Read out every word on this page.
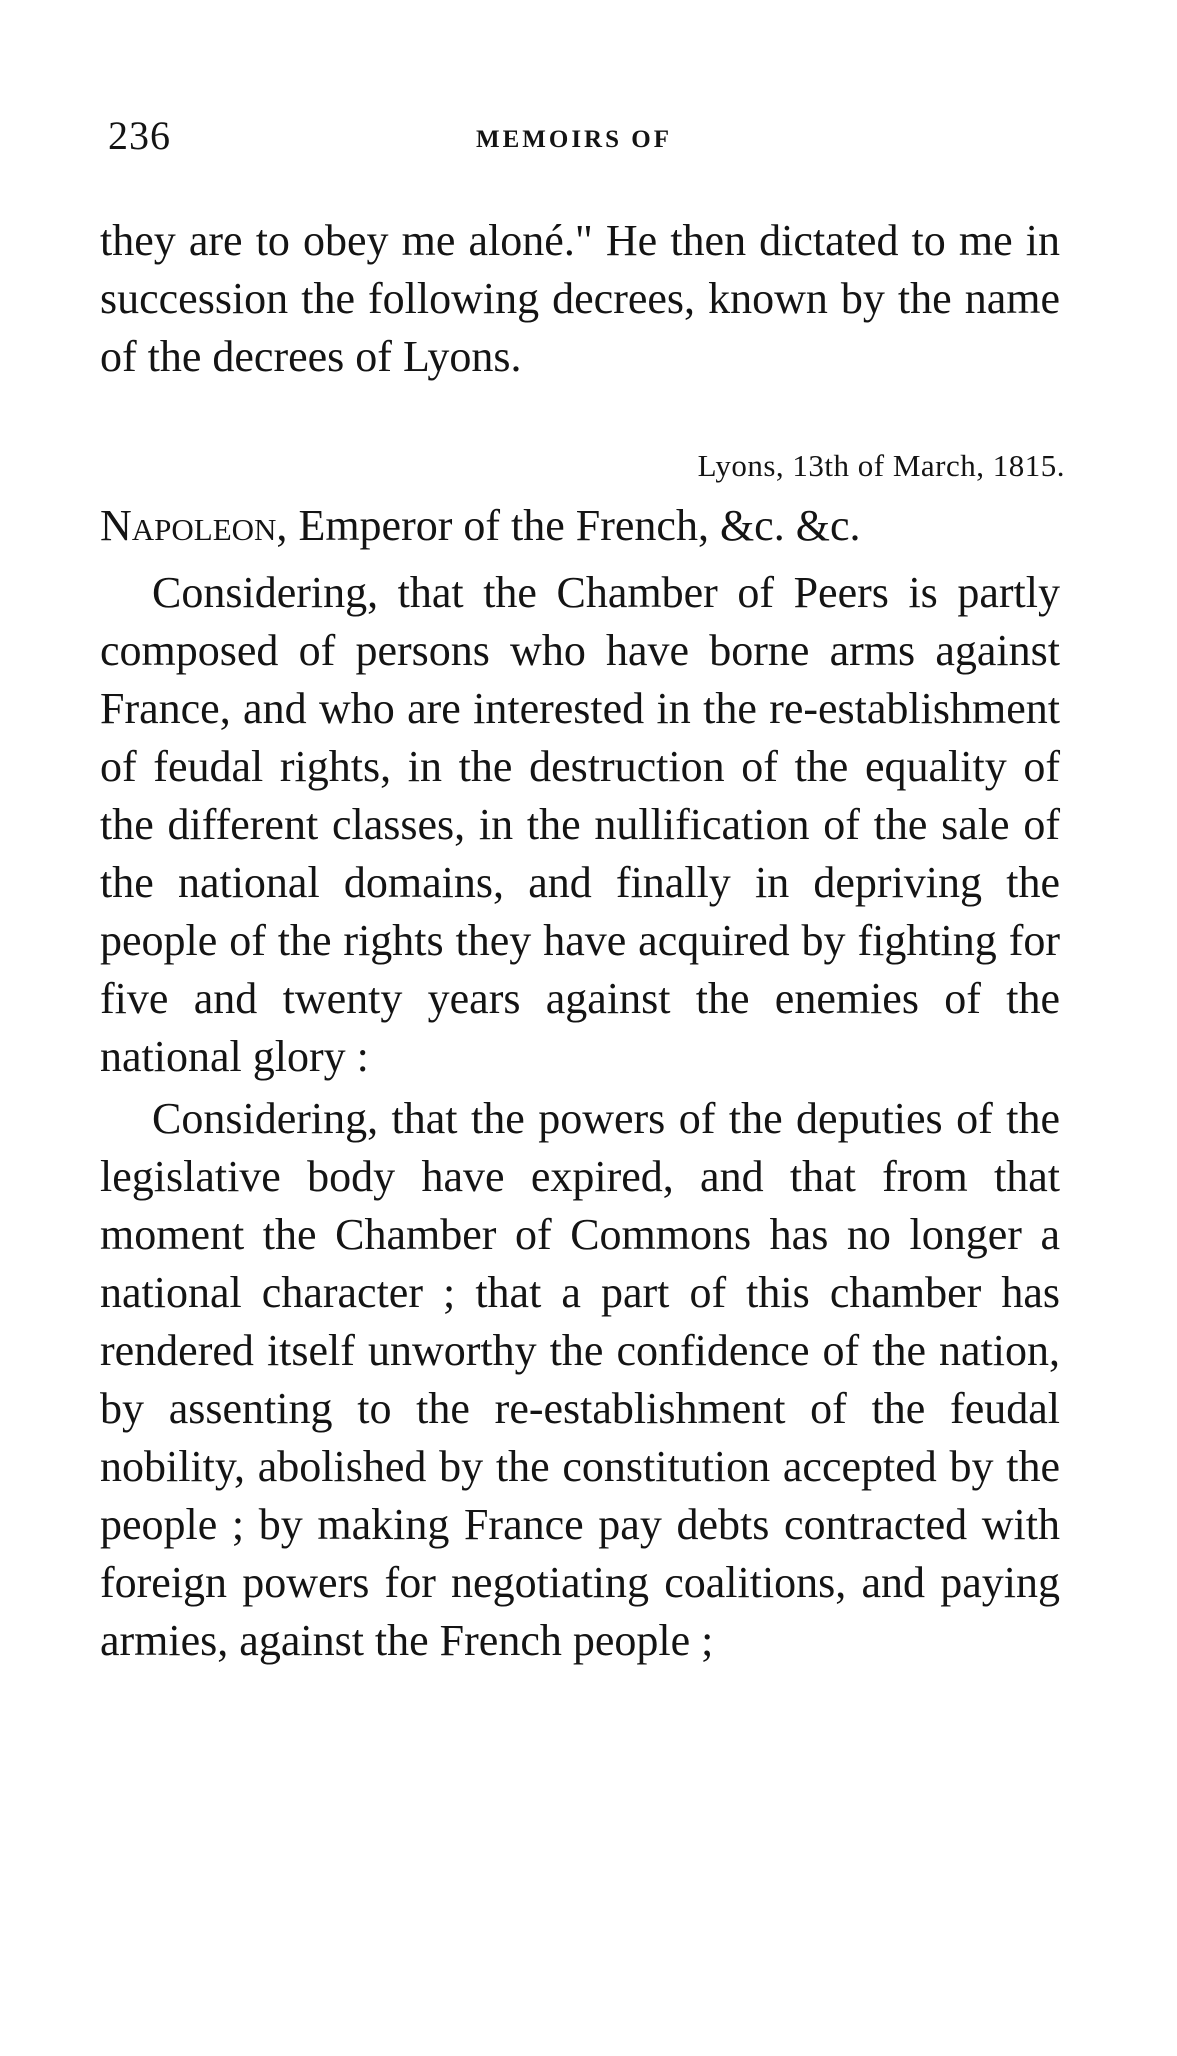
236	MEMOIRS OF

they are to obey me aloné." He then dictated to me in succession the following decrees, known by the name of the decrees of Lyons.

Lyons, 13th of March, 1815.
Napoleon, Emperor of the French, &c. &c.

Considering, that the Chamber of Peers is partly composed of persons who have borne arms against France, and who are interested in the re-establishment of feudal rights, in the destruction of the equality of the different classes, in the nullification of the sale of the national domains, and finally in depriving the people of the rights they have acquired by fighting for five and twenty years against the enemies of the national glory :

Considering, that the powers of the deputies of the legislative body have expired, and that from that moment the Chamber of Commons has no longer a national character ; that a part of this chamber has rendered itself unworthy the confidence of the nation, by assenting to the re-establishment of the feudal nobility, abolished by the constitution accepted by the people ; by making France pay debts contracted with foreign powers for negotiating coalitions, and paying armies, against the French people ;
